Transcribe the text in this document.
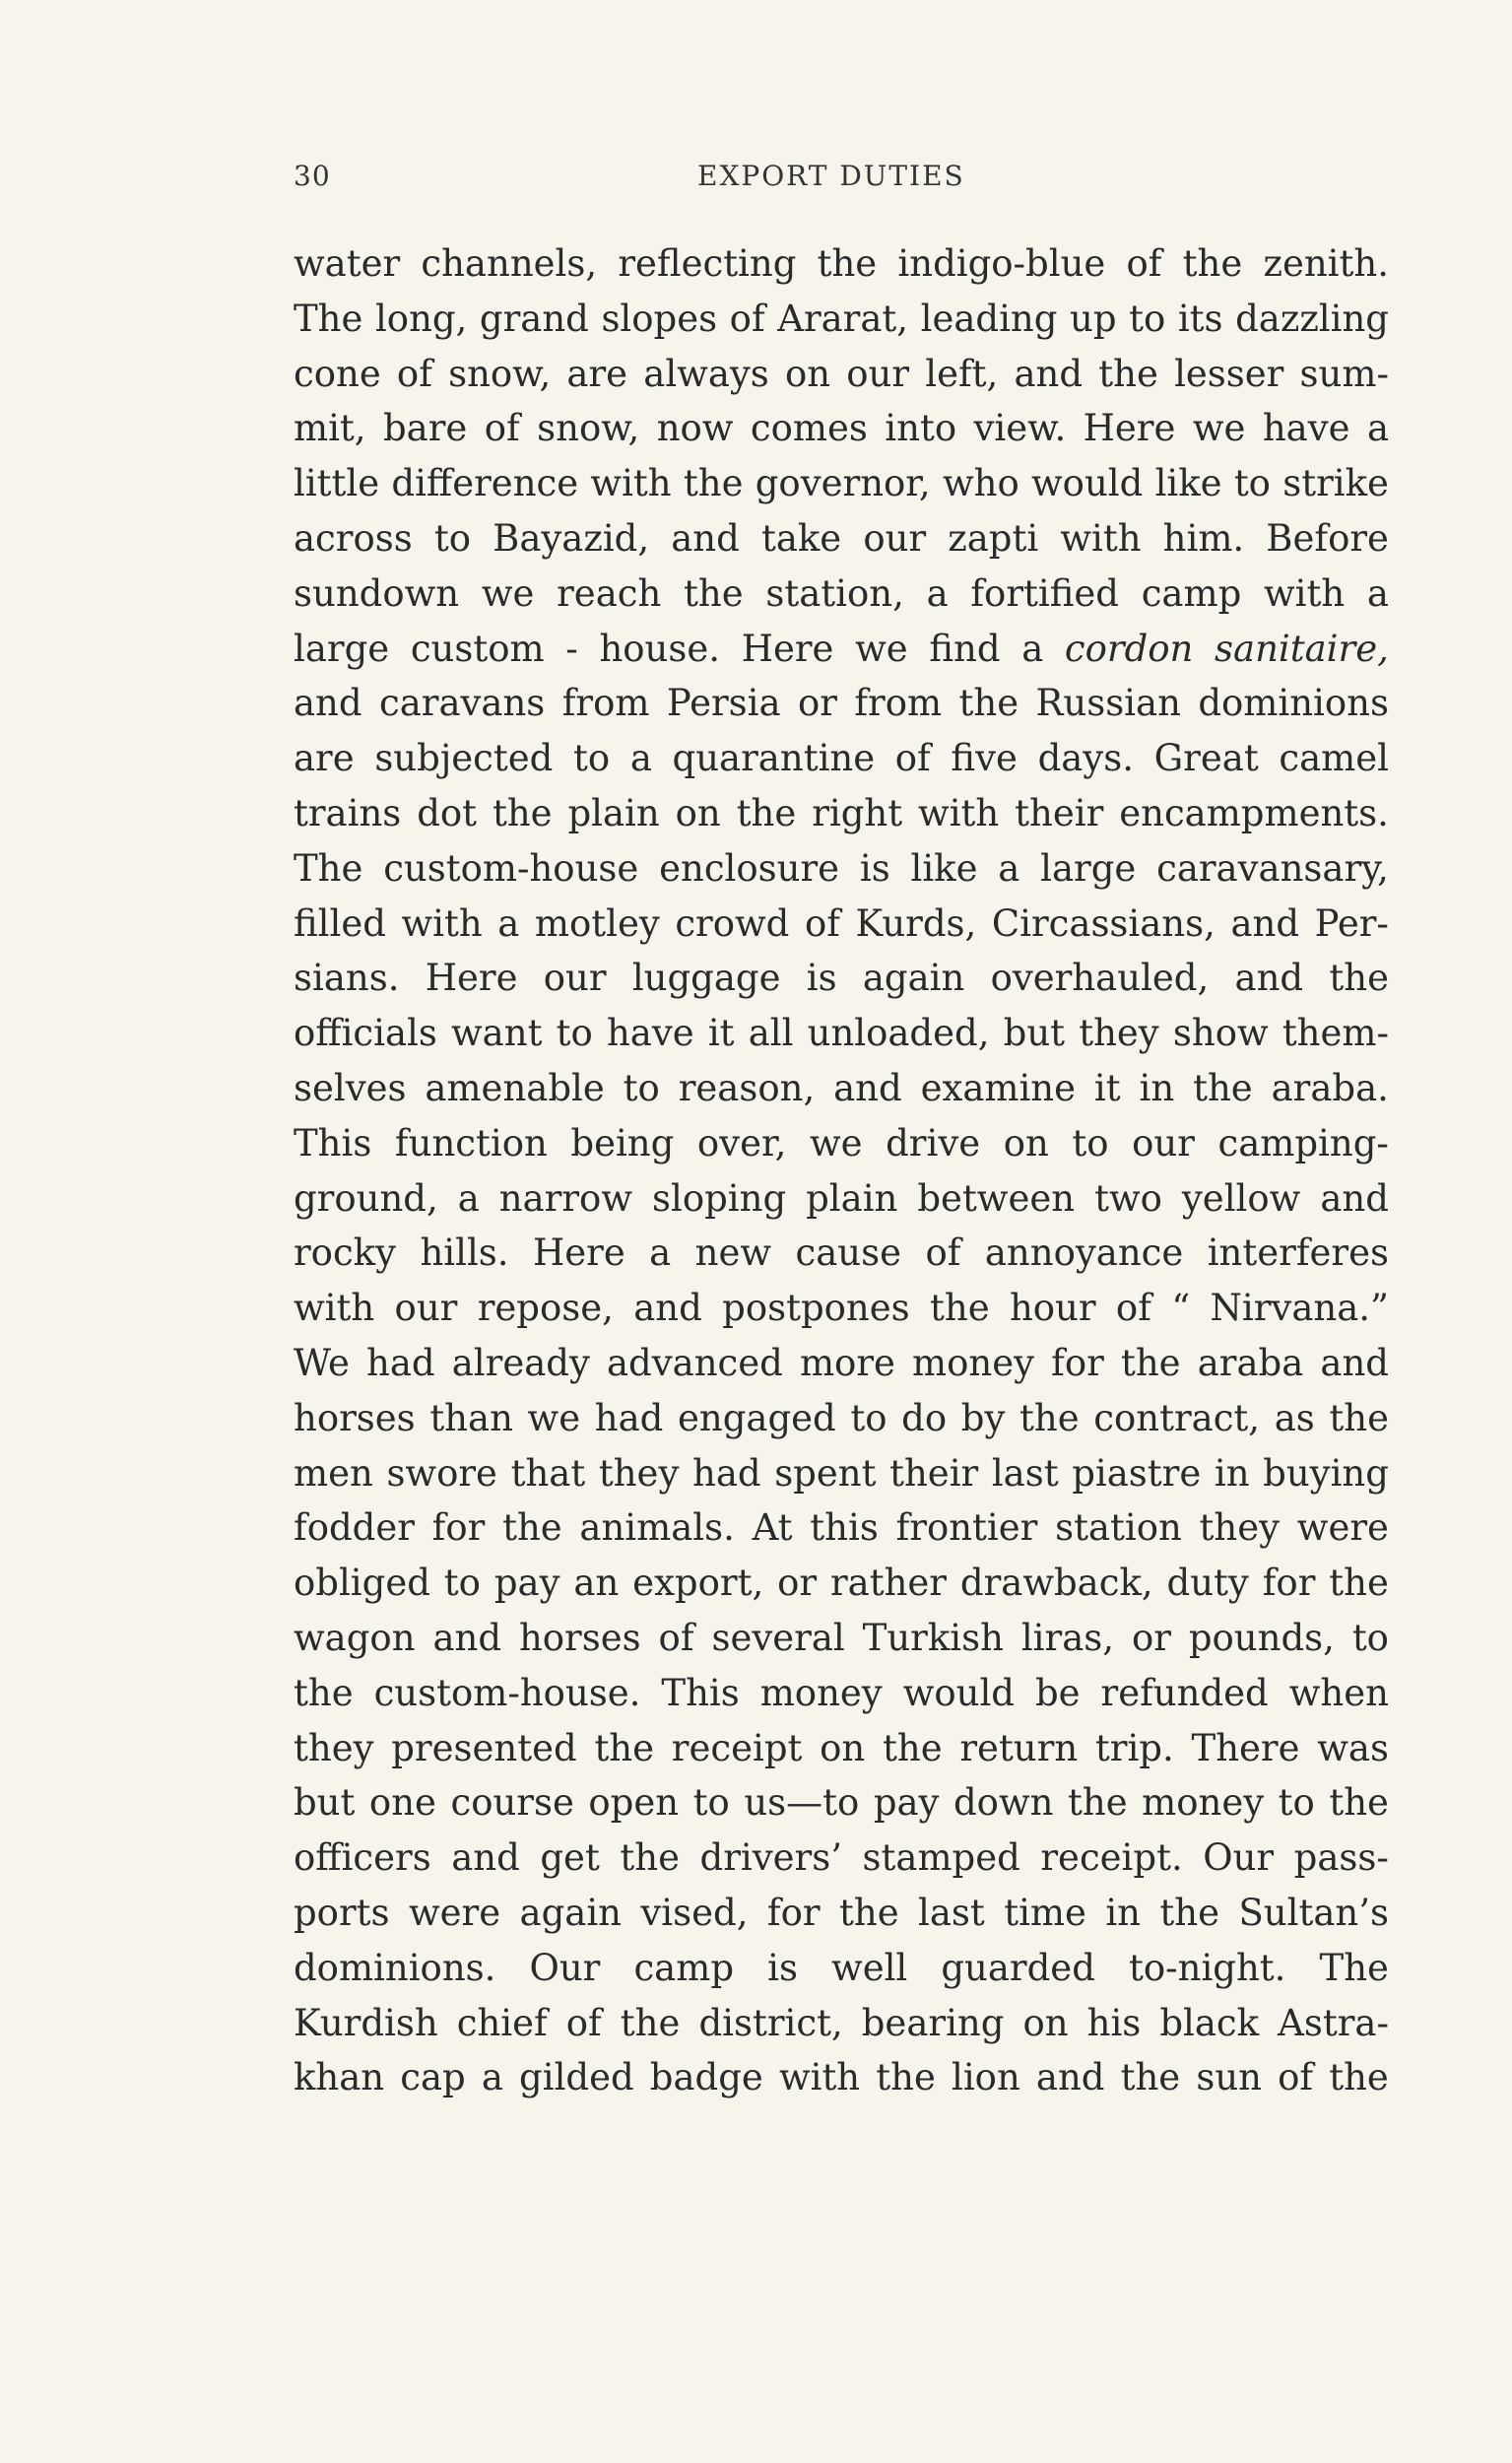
30	EXPORT DUTIES
water channels, reflecting the indigo-blue of the zenith.
The long, grand slopes of Ararat, leading up to its dazzling
cone of snow, are always on our left, and the lesser sum-
mit, bare of snow, now comes into view. Here we have a
little difference with the governor, who would like to strike
across to Bayazid, and take our zapti with him. Before
sundown we reach the station, a fortified camp with a
large custom - house. Here we find a cordon sanitaire,
and caravans from Persia or from the Russian dominions
are subjected to a quarantine of five days. Great camel
trains dot the plain on the right with their encampments.
The custom-house enclosure is like a large caravansary,
filled with a motley crowd of Kurds, Circassians, and Per-
sians. Here our luggage is again overhauled, and the
officials want to have it all unloaded, but they show them-
selves amenable to reason, and examine it in the araba.
This function being over, we drive on to our camping-
ground, a narrow sloping plain between two yellow and
rocky hills. Here a new cause of annoyance interferes
with our repose, and postpones the hour of “ Nirvana.”
We had already advanced more money for the araba and
horses than we had engaged to do by the contract, as the
men swore that they had spent their last piastre in buying
fodder for the animals. At this frontier station they were
obliged to pay an export, or rather drawback, duty for the
wagon and horses of several Turkish liras, or pounds, to
the custom-house. This money would be refunded when
they presented the receipt on the return trip. There was
but one course open to us—to pay down the money to the
officers and get the drivers’ stamped receipt. Our pass-
ports were again vised, for the last time in the Sultan’s
dominions. Our camp is well guarded to-night. The
Kurdish chief of the district, bearing on his black Astra-
khan cap a gilded badge with the lion and the sun of the
